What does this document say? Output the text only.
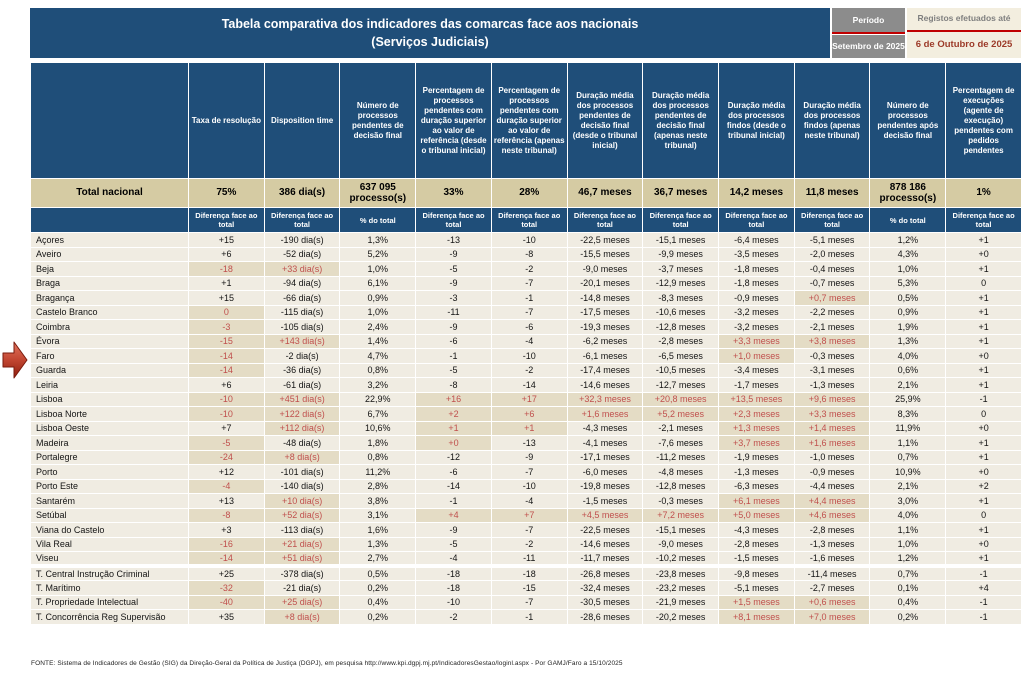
Tabela comparativa dos indicadores das comarcas face aos nacionais
(Serviços Judiciais)
Período
Setembro de 2025
Registos efetuados até
6 de Outubro de 2025
	Taxa de resolução	Disposition time	Número de processos pendentes de decisão final	Percentagem de processos pendentes com duração superior ao valor de referência (desde o tribunal inicial)	Percentagem de processos pendentes com duração superior ao valor de referência (apenas neste tribunal)	Duração média dos processos pendentes de decisão final (desde o tribunal inicial)	Duração média dos processos pendentes de decisão final (apenas neste tribunal)	Duração média dos processos findos (desde o tribunal inicial)	Duração média dos processos findos (apenas neste tribunal)	Número de processos pendentes após decisão final	Percentagem de execuções (agente de execução) pendentes com pedidos pendentes
Total nacional	75%	386 dia(s)	637 095 processo(s)	33%	28%	46,7 meses	36,7 meses	14,2 meses	11,8 meses	878 186 processo(s)	1%
	Diferença face ao total	Diferença face ao total	% do total	Diferença face ao total	Diferença face ao total	Diferença face ao total	Diferença face ao total	Diferença face ao total	Diferença face ao total	% do total	Diferença face ao total
Açores	+15	-190 dia(s)	1,3%	-13	-10	-22,5 meses	-15,1 meses	-6,4 meses	-5,1 meses	1,2%	+1
Aveiro	+6	-52 dia(s)	5,2%	-9	-8	-15,5 meses	-9,9 meses	-3,5 meses	-2,0 meses	4,3%	+0
Beja	-18	+33 dia(s)	1,0%	-5	-2	-9,0 meses	-3,7 meses	-1,8 meses	-0,4 meses	1,0%	+1
Braga	+1	-94 dia(s)	6,1%	-9	-7	-20,1 meses	-12,9 meses	-1,8 meses	-0,7 meses	5,3%	0
Bragança	+15	-66 dia(s)	0,9%	-3	-1	-14,8 meses	-8,3 meses	-0,9 meses	+0,7 meses	0,5%	+1
Castelo Branco	0	-115 dia(s)	1,0%	-11	-7	-17,5 meses	-10,6 meses	-3,2 meses	-2,2 meses	0,9%	+1
Coimbra	-3	-105 dia(s)	2,4%	-9	-6	-19,3 meses	-12,8 meses	-3,2 meses	-2,1 meses	1,9%	+1
Évora	-15	+143 dia(s)	1,4%	-6	-4	-6,2 meses	-2,8 meses	+3,3 meses	+3,8 meses	1,3%	+1
Faro	-14	-2 dia(s)	4,7%	-1	-10	-6,1 meses	-6,5 meses	+1,0 meses	-0,3 meses	4,0%	+0
Guarda	-14	-36 dia(s)	0,8%	-5	-2	-17,4 meses	-10,5 meses	-3,4 meses	-3,1 meses	0,6%	+1
Leiria	+6	-61 dia(s)	3,2%	-8	-14	-14,6 meses	-12,7 meses	-1,7 meses	-1,3 meses	2,1%	+1
Lisboa	-10	+451 dia(s)	22,9%	+16	+17	+32,3 meses	+20,8 meses	+13,5 meses	+9,6 meses	25,9%	-1
Lisboa Norte	-10	+122 dia(s)	6,7%	+2	+6	+1,6 meses	+5,2 meses	+2,3 meses	+3,3 meses	8,3%	0
Lisboa Oeste	+7	+112 dia(s)	10,6%	+1	+1	-4,3 meses	-2,1 meses	+1,3 meses	+1,4 meses	11,9%	+0
Madeira	-5	-48 dia(s)	1,8%	+0	-13	-4,1 meses	-7,6 meses	+3,7 meses	+1,6 meses	1,1%	+1
Portalegre	-24	+8 dia(s)	0,8%	-12	-9	-17,1 meses	-11,2 meses	-1,9 meses	-1,0 meses	0,7%	+1
Porto	+12	-101 dia(s)	11,2%	-6	-7	-6,0 meses	-4,8 meses	-1,3 meses	-0,9 meses	10,9%	+0
Porto Este	-4	-140 dia(s)	2,8%	-14	-10	-19,8 meses	-12,8 meses	-6,3 meses	-4,4 meses	2,1%	+2
Santarém	+13	+10 dia(s)	3,8%	-1	-4	-1,5 meses	-0,3 meses	+6,1 meses	+4,4 meses	3,0%	+1
Setúbal	-8	+52 dia(s)	3,1%	+4	+7	+4,5 meses	+7,2 meses	+5,0 meses	+4,6 meses	4,0%	0
Viana do Castelo	+3	-113 dia(s)	1,6%	-9	-7	-22,5 meses	-15,1 meses	-4,3 meses	-2,8 meses	1,1%	+1
Vila Real	-16	+21 dia(s)	1,3%	-5	-2	-14,6 meses	-9,0 meses	-2,8 meses	-1,3 meses	1,0%	+0
Viseu	-14	+51 dia(s)	2,7%	-4	-11	-11,7 meses	-10,2 meses	-1,5 meses	-1,6 meses	1,2%	+1
T. Central Instrução Criminal	+25	-378 dia(s)	0,5%	-18	-18	-26,8 meses	-23,8 meses	-9,8 meses	-11,4 meses	0,7%	-1
T. Marítimo	-32	-21 dia(s)	0,2%	-18	-15	-32,4 meses	-23,2 meses	-5,1 meses	-2,7 meses	0,1%	+4
T. Propriedade Intelectual	-40	+25 dia(s)	0,4%	-10	-7	-30,5 meses	-21,9 meses	+1,5 meses	+0,6 meses	0,4%	-1
T. Concorrência Reg Supervisão	+35	+8 dia(s)	0,2%	-2	-1	-28,6 meses	-20,2 meses	+8,1 meses	+7,0 meses	0,2%	-1
FONTE: Sistema de Indicadores de Gestão (SIG) da Direção-Geral da Política de Justiça (DGPJ), em pesquisa http://www.kpi.dgpj.mj.pt/IndicadoresGestao/loginl.aspx - Por GAMJ/Faro a 15/10/2025
